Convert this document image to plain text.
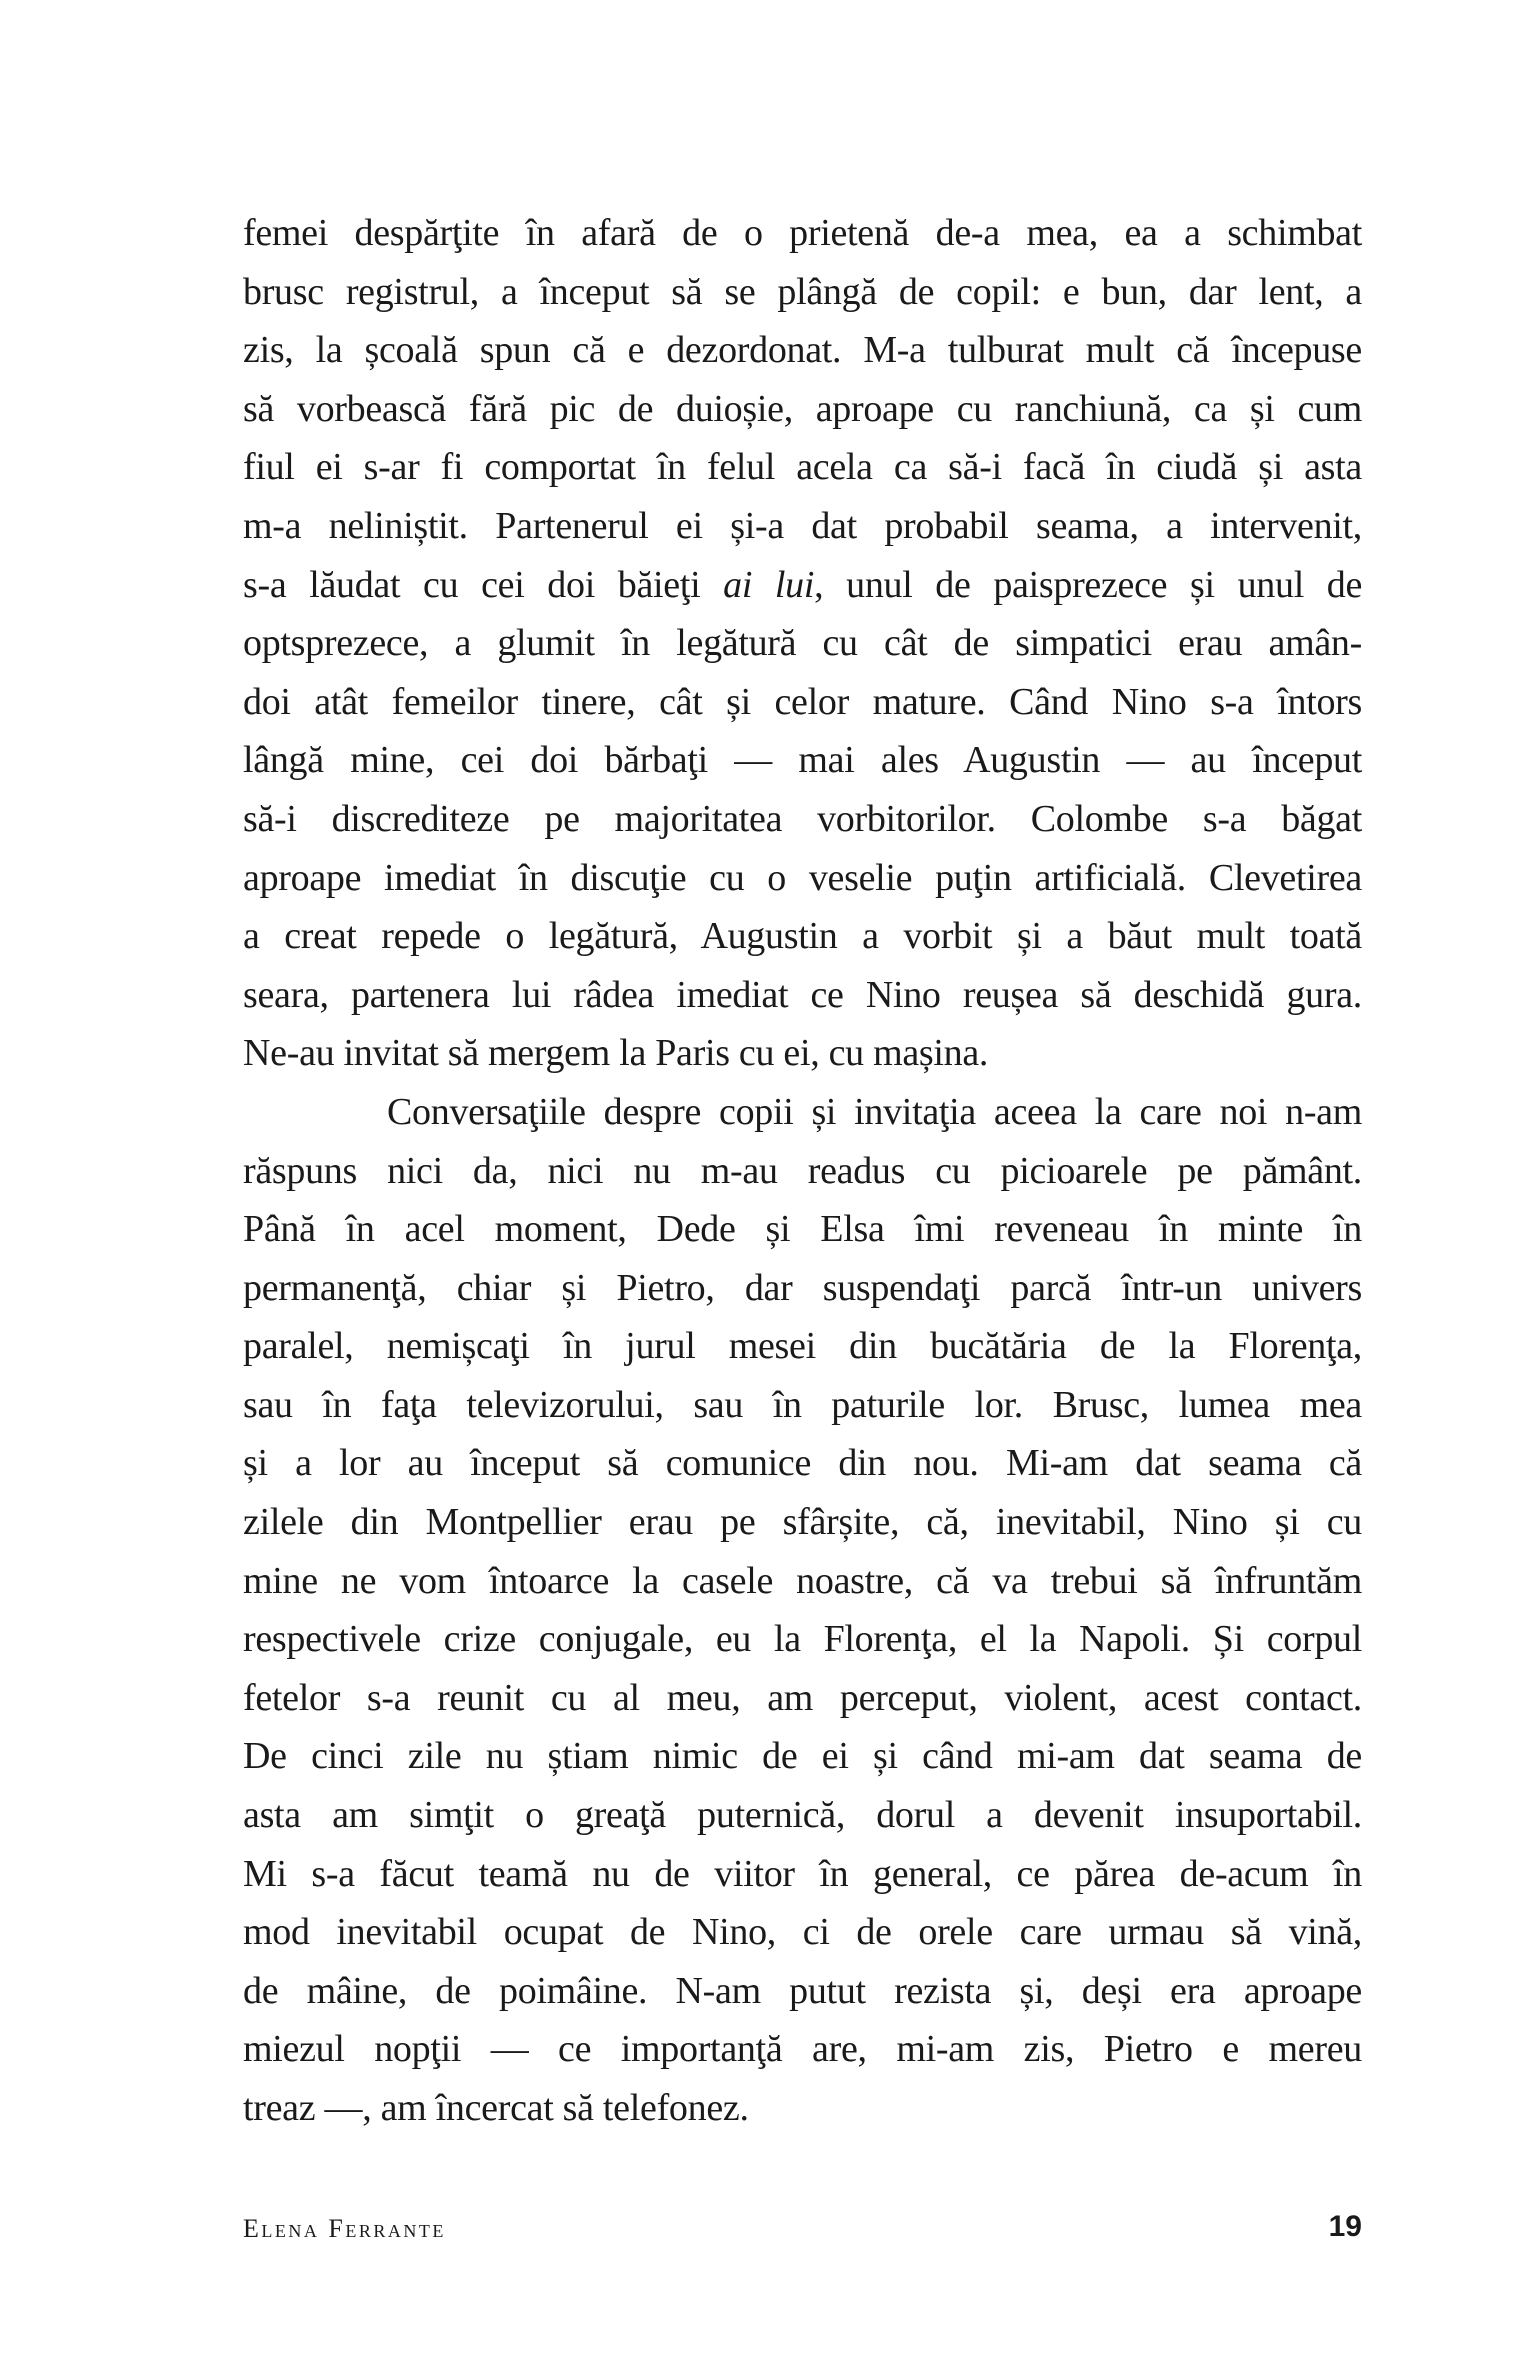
femei despărţite în afară de o prietenă de-a mea, ea a schimbat
brusc registrul, a început să se plângă de copil: e bun, dar lent, a
zis, la școală spun că e dezordonat. M-a tulburat mult că începuse
să vorbească fără pic de duioșie, aproape cu ranchiună, ca și cum
fiul ei s-ar fi comportat în felul acela ca să-i facă în ciudă și asta
m-a neliniștit. Partenerul ei și-a dat probabil seama, a intervenit,
s-a lăudat cu cei doi băieţi ai lui, unul de paisprezece și unul de
optsprezece, a glumit în legătură cu cât de simpatici erau amân-
doi atât femeilor tinere, cât și celor mature. Când Nino s-a întors
lângă mine, cei doi bărbaţi — mai ales Augustin — au început
să-i discrediteze pe majoritatea vorbitorilor. Colombe s-a băgat
aproape imediat în discuţie cu o veselie puţin artificială. Clevetirea
a creat repede o legătură, Augustin a vorbit și a băut mult toată
seara, partenera lui râdea imediat ce Nino reușea să deschidă gura.
Ne-au invitat să mergem la Paris cu ei, cu mașina.
Conversaţiile despre copii și invitaţia aceea la care noi n-am
răspuns nici da, nici nu m-au readus cu picioarele pe pământ.
Până în acel moment, Dede și Elsa îmi reveneau în minte în
permanenţă, chiar și Pietro, dar suspendaţi parcă într-un univers
paralel, nemișcaţi în jurul mesei din bucătăria de la Florenţa,
sau în faţa televizorului, sau în paturile lor. Brusc, lumea mea
și a lor au început să comunice din nou. Mi-am dat seama că
zilele din Montpellier erau pe sfârșite, că, inevitabil, Nino și cu
mine ne vom întoarce la casele noastre, că va trebui să înfruntăm
respectivele crize conjugale, eu la Florenţa, el la Napoli. Și corpul
fetelor s-a reunit cu al meu, am perceput, violent, acest contact.
De cinci zile nu știam nimic de ei și când mi-am dat seama de
asta am simţit o greaţă puternică, dorul a devenit insuportabil.
Mi s-a făcut teamă nu de viitor în general, ce părea de-acum în
mod inevitabil ocupat de Nino, ci de orele care urmau să vină,
de mâine, de poimâine. N-am putut rezista și, deși era aproape
miezul nopţii — ce importanţă are, mi-am zis, Pietro e mereu
treaz —, am încercat să telefonez.
Elena Ferrante	19
